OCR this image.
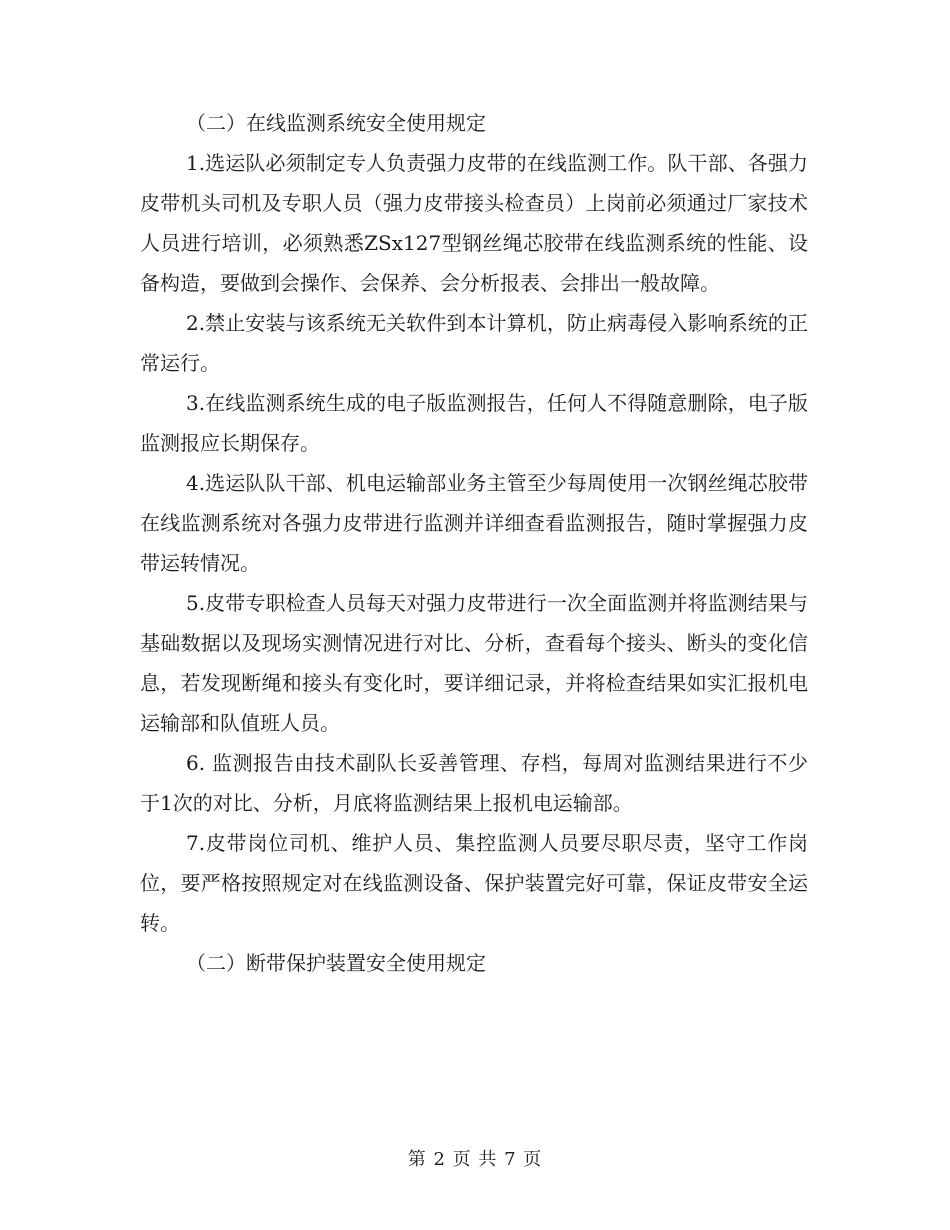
（二）在线监测系统安全使用规定

1.选运队必须制定专人负责强力皮带的在线监测工作。队干部、各强力皮带机头司机及专职人员（强力皮带接头检查员）上岗前必须通过厂家技术人员进行培训，必须熟悉ZSx127型钢丝绳芯胶带在线监测系统的性能、设备构造，要做到会操作、会保养、会分析报表、会排出一般故障。

2.禁止安装与该系统无关软件到本计算机，防止病毒侵入影响系统的正常运行。

3.在线监测系统生成的电子版监测报告，任何人不得随意删除，电子版监测报应长期保存。

4.选运队队干部、机电运输部业务主管至少每周使用一次钢丝绳芯胶带在线监测系统对各强力皮带进行监测并详细查看监测报告，随时掌握强力皮带运转情况。

5.皮带专职检查人员每天对强力皮带进行一次全面监测并将监测结果与基础数据以及现场实测情况进行对比、分析，查看每个接头、断头的变化信息，若发现断绳和接头有变化时，要详细记录，并将检查结果如实汇报机电运输部和队值班人员。

6. 监测报告由技术副队长妥善管理、存档，每周对监测结果进行不少于1次的对比、分析，月底将监测结果上报机电运输部。

7.皮带岗位司机、维护人员、集控监测人员要尽职尽责，坚守工作岗位，要严格按照规定对在线监测设备、保护装置完好可靠，保证皮带安全运转。

（二）断带保护装置安全使用规定

第 2 页 共 7 页
